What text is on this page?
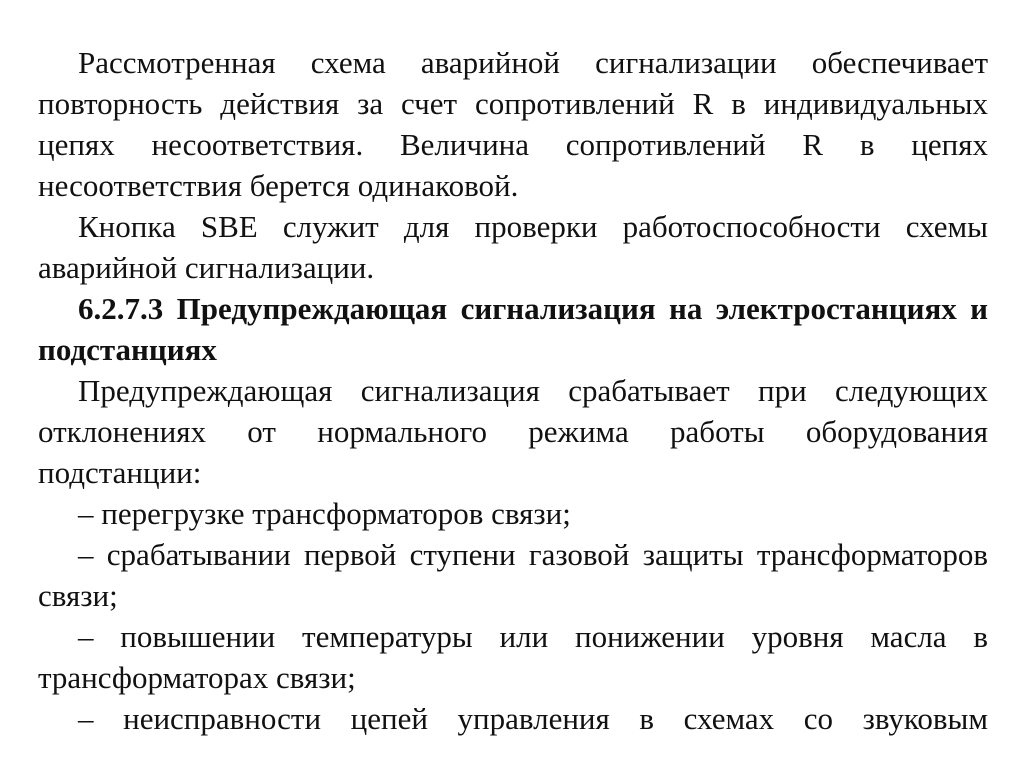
Рассмотренная схема аварийной сигнализации обеспечивает повторность действия за счет сопротивлений R в индивидуальных цепях несоответствия. Величина сопротивлений R в цепях несоответствия берется одинаковой.

Кнопка SBE служит для проверки работоспособности схемы аварийной сигнализации.

6.2.7.3 Предупреждающая сигнализация на электростанциях и подстанциях

Предупреждающая сигнализация срабатывает при следующих отклонениях от нормального режима работы оборудования подстанции:

– перегрузке трансформаторов связи;

– срабатывании первой ступени газовой защиты трансформаторов связи;

– повышении температуры или понижении уровня масла в трансформаторах связи;

– неисправности цепей управления в схемах со звуковым
